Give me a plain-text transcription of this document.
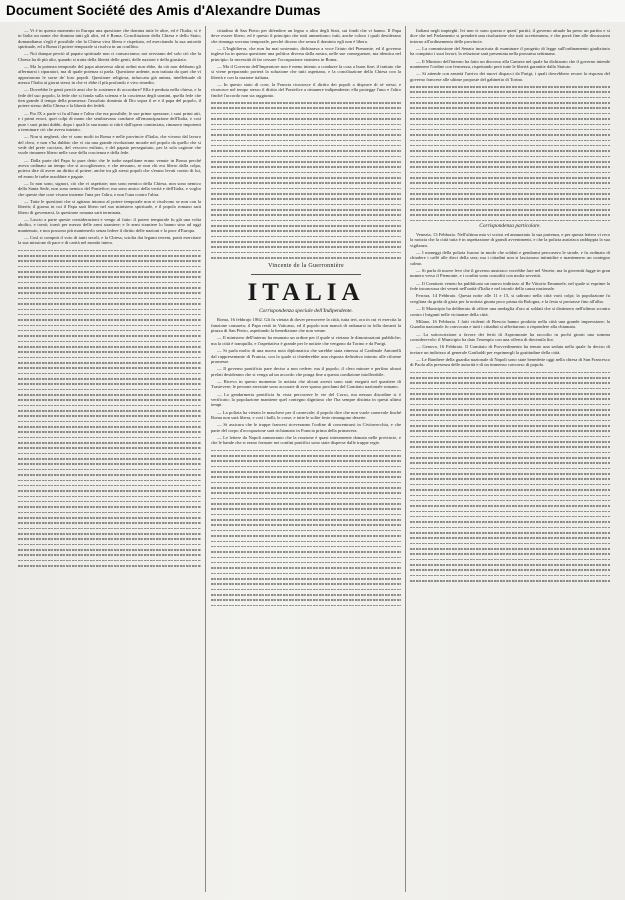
Document Société des Amis d'Alexandre Dumas

— Vi è in questo momento in Europa una questione che domina tutte le altre, ed è l'Italia; vi è in Italia un nome che domina tutti gli altri, ed è Roma. Conciliazione della Chiesa e dello Stato; domandiamo s'egli è possibile che la Chiesa viva libera e rispettata, ed esercitando la sua autorità spirituale, ed a Roma il potere temporale si risolva in un conflitto.

— Noi dunque perciò al papato spirituale non ci consacriamo; noi serviamo del solo ciò che la Chiesa ha di più alto, quando si tratta della libertà delle genti, delle nazioni e della giustizia.

— Ma la potenza temporale del papa attraverso altrui ordini non ebbe, da ciò non debbono gli affermarsi i riparatori, ma di quale potenza si parla. Questione ardente, non trattata da quei che vi apportarono le sorse de' loro popoli. Questione religiosa, infuocata già anima, intellettuale di mezzo l'Italia ai giorni stessi in che vi ebbe il più profondo e vivo rimedio.

— Dovrebbe le genti perciò anzi che lo sostenere di accordare? Ella è perduta nella chiesa, e la fede del suo popolo, la fede che si fonda sulla scienza e la coscienza degli uomini, quella fede che tien grande il tempo della promessa: l'assoluto dominio di Dio sopra il re e il papa del popolo, il potere stesso della Chiesa e la libertà dei fedeli.

— Pio IX a parte vi fu all'una e l'altra che era possibile; le sue prime speranze, i suoi primi atti, e i primi errori, quei colpi di mano che sembravano condurre all'emancipazione dell'Italia, e così pure i suoi primi dubbi, dopo i quali la sua mano si ritirò dall'opera cominciata, rimasero impotenti a terminare ciò che aveva iniziato.

— Non si negherà, che vi sono molti in Roma e nelle provincie d'Italia, che vivono dal lavoro del clero, e non v'ha dubbio che vi sia una grande rivoluzione morale nel popolo da quello che si vede del prete cacciato, del vescovo esiliato, e del papato perseguitato, per la sola cagione che vuole rimanere libero nelle cose della coscienza e della fede.

— Dalla parte del Papa fu pure detto che le turbe napolitane erano venute in Roma perché aveva ordinato un tempo che si accogliessero, e che nessuno, se non chi era libero dalla colpa, poteva dire di avere un diritto al potere, anche tra gli stessi popoli che s'erano levati contro di lui, ed erano le turbe assoldate e pagate.

— Io non sono, signori, ciò che vi aspettate; non sono nemico della Chiesa, non sono nemico della Santa Sede, non sono nemico del Pontefice; ma sono amico della verità e dell'Italia, e voglio che queste due cose vivano insieme l'una per l'altra, e non l'una contro l'altra.

— Tutte le questioni che si agitano intorno al potere temporale non si risolvono se non con la libertà; il giorno in cui il Papa sarà libero nel suo ministero spirituale, e il popolo romano sarà libero di governarsi, la questione romana sarà terminata.

— Lascio a parte queste considerazioni e vengo al fatto: il potere temporale fu già una volta abolito, e tornò; tornò per mezzo delle armi straniere; e le armi straniere lo hanno sino ad oggi mantenuto, e non possono più mantenerlo senza ledere il diritto delle nazioni e la pace d'Europa.

— Così si compirà il voto di tanti secoli, e la Chiesa, sciolta dai legami terreni, potrà esercitare la sua missione di pace e di carità nel mondo intero.

cittadino di San Pietro per difendere un legno o altro degli Stati, sui fondi che vi hanno. Il Papa deve essere libero, ed è questo il principio che tutti ammettono; tutti, anche coloro i quali desiderano che rimanga sovrano temporale, perché dicono che senza il dominio egli non è libero.

— L'Inghilterra, che non ha mai sostenuto, dichiarava a voce l'aiuto del Piemonte, ed il governo inglese ha in questa questione una politica diversa dalla nostra, nelle sue conseguenze, ma identica nel principio: la necessità di far cessare l'occupazione straniera in Roma.

— Ma il Governo dell'Imperatore non è meno intento a condurre la cosa a buon fine; il trattato che si viene preparando porterà la soluzione che tutti aspettano, e la conciliazione della Chiesa con la libertà e con la nazione italiana.

— In questo stato di cose, la Francia riconosce il diritto dei popoli a disporre di sé stessi, e riconosce nel tempo stesso il diritto del Pontefice a rimanere indipendente; ella protegge l'uno e l'altro finché l'accordo non sia raggiunto.

Vincente de la Guerronnière
ITALIA
Corrispondenza speciale dell'Indipendente.

Roma, 16 febbrajo 1862. Gli fu vietata di dover percorrere la città, tutta ieri, ora in cui vi esercita la funzione consueta; il Papa restò in Vaticano, ed il popolo non mancò di radunarsi in folla davanti la piazza di San Pietro, aspettando la benedizione che non venne.

— Il ministero dell'interno ha emanato un ordine per il quale si vietano le dimostrazioni pubbliche; ma la città è tranquilla, e l'aspettativa è grande per le notizie che vengono da Torino e da Parigi.

— Si parla molto di una nuova nota diplomatica che sarebbe stata rimessa al Cardinale Antonelli dal rappresentante di Francia, con la quale si chiederebbe una risposta definitiva intorno alle riforme promesse.

— Il governo pontificio pare deciso a non cedere; ma il popolo, il clero minore e perfino alcuni prelati desiderano che si venga ad un accordo che ponga fine a questa condizione intollerabile.

— Ricevo in questo momento la notizia che alcuni arresti sono stati eseguiti nel quartiere di Trastevere; le persone arrestate sono accusate di aver sparso proclami del Comitato nazionale romano.

— La gendarmeria pontificia fu vista percorrere le vie del Corso, ma nessun disordine si è verificato; la popolazione mantiene quel contegno dignitoso che l'ha sempre distinta in questi ultimi tempi.

— La polizia ha vietato le maschere per il carnevale; il popolo dice che non vuole carnevale finché Roma non sarà libera, e così i balli, le corse, e tutte le solite feste rimangono deserte.

— Si assicura che le truppe francesi riceveranno l'ordine di concentrarsi in Civitavecchia, e che parte del corpo d'occupazione sarà richiamato in Francia prima della primavera.

— Le lettere da Napoli annunciano che la reazione è quasi interamente domata nelle provincie, e che le bande che si erano formate nei confini pontifici sono state disperse dalle truppe regie.

Italiani negli impieghi. Ivi non vi sono questa e quest' partiti, il governo attuale ha preso un partito e si dice che nel Parlamento si prenderà una risoluzione che tutti accetteranno, e che porrà fine alle discussioni intorno all'ordinamento delle provincie.

— La commissione del Senato incaricata di esaminare il progetto di legge sull'ordinamento giudiziario ha compiuto i suoi lavori; la relazione sarà presentata nella prossima settimana.

— Il Ministro dell'interno ha fatto un discorso alla Camera nel quale ha dichiarato che il governo intende mantenere l'ordine con fermezza, rispettando però tutte le libertà garantite dallo Statuto.

— Si attende con ansietà l'arrivo dei nuovi dispacci da Parigi, i quali dovrebbero recare la risposta del governo francese alle ultime proposte del gabinetto di Torino.

Corrispondenza particolare.

Venezia, 13 Febbraio. Nell'ultima mia vi scrissi ed annunziato la sua partenza, e per questa lettera vi reco la notizia che la città tutta è in aspettazione di grandi avvenimenti, e che la polizia austriaca raddoppia la sua vigilanza.

— I maneggi della polizia furono in modo che soldati e gendarmi percorsero le strade, e fu ordinato di chiudere i caffè alle dieci della sera; ma i cittadini non si lasciarono intimidire e mantennero un contegno calmo.

— Si parla di nuove leve che il governo austriaco vorrebbe fare nel Veneto; ma la gioventù fugge in gran numero verso il Piemonte, e i confini sono custoditi con molta severità.

— Il Comitato veneto ha pubblicato un nuovo indirizzo al Re Vittorio Emanuele, nel quale si esprime la fede inconcussa dei veneti nell'unità d'Italia e nel trionfo della causa nazionale.

Ferrara, 14 Febbraio. Questa notte alle 11 e 15, si udirono nella città varii colpi; la popolazione fu svegliata da grida di gioia per la notizia giunta poco prima da Bologna, e la festa si protrasse fino all'alba.

— Il Municipio ha deliberato di offrire una medaglia d'oro ai soldati che si distinsero nell'ultimo scontro contro i briganti nelle vicinanze della città.

Milano, 16 Febbraio. I fatti violenti di Brescia hanno prodotto nella città una grande impressione; la Guardia nazionale fu convocata e tutti i cittadini si affrettarono a rispondere alla chiamata.

— La sottoscrizione a favore dei feriti di Aspromonte ha raccolto in pochi giorni una somma considerevole; il Municipio ha dato l'esempio con una offerta di diecimila lire.

— Genova, 16 Febbraio. Il Comitato di Provvedimento ha tenuto una seduta nella quale fu deciso di inviare un indirizzo al generale Garibaldi per esprimergli la gratitudine della città.

— Le Bandiere della guardia nazionale di Napoli sono state benedette oggi nella chiesa di San Francesco di Paola alla presenza delle autorità e di un immenso concorso di popolo.
